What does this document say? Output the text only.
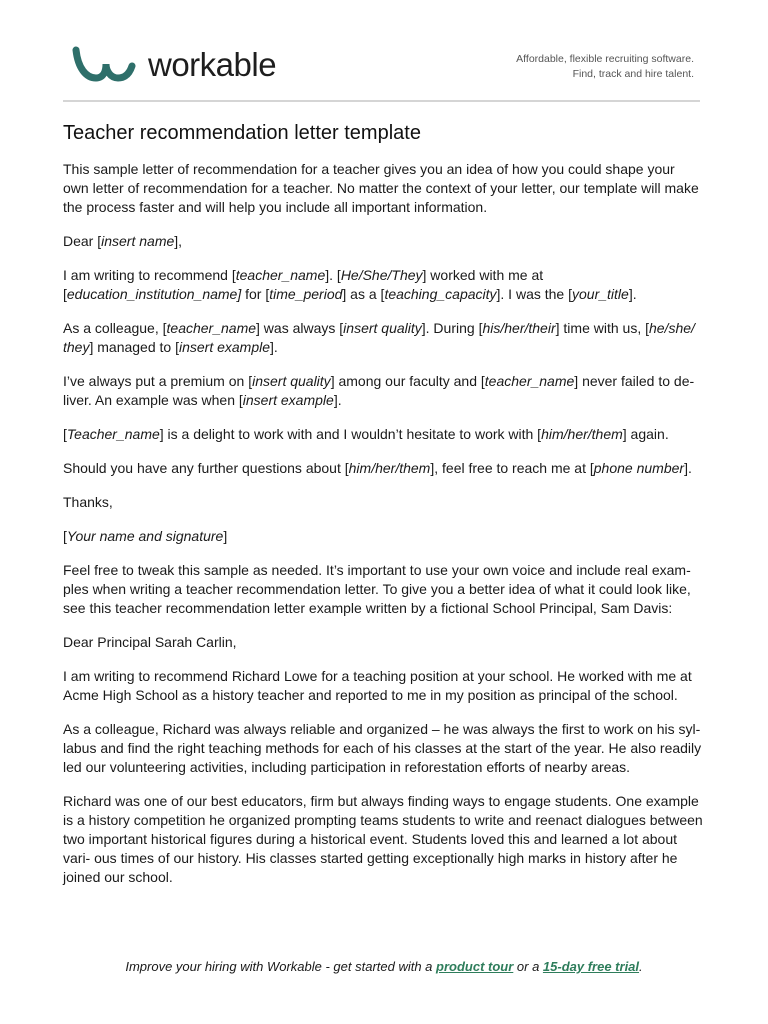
workable	Affordable, flexible recruiting software.
Find, track and hire talent.
Teacher recommendation letter template

This sample letter of recommendation for a teacher gives you an idea of how you could shape your own letter of recommendation for a teacher. No matter the context of your letter, our template will make the process faster and will help you include all important information.

Dear [insert name],

I am writing to recommend [teacher_name]. [He/She/They] worked with me at [education_institution_name] for [time_period] as a [teaching_capacity]. I was the [your_title].

As a colleague, [teacher_name] was always [insert quality]. During [his/her/their] time with us, [he/she/ they] managed to [insert example].

I’ve always put a premium on [insert quality] among our faculty and [teacher_name] never failed to de- liver. An example was when [insert example].

[Teacher_name] is a delight to work with and I wouldn’t hesitate to work with [him/her/them] again.

Should you have any further questions about [him/her/them], feel free to reach me at [phone number].

Thanks,

[Your name and signature]

Feel free to tweak this sample as needed. It’s important to use your own voice and include real exam- ples when writing a teacher recommendation letter. To give you a better idea of what it could look like, see this teacher recommendation letter example written by a fictional School Principal, Sam Davis:

Dear Principal Sarah Carlin,

I am writing to recommend Richard Lowe for a teaching position at your school. He worked with me at Acme High School as a history teacher and reported to me in my position as principal of the school.

As a colleague, Richard was always reliable and organized – he was always the first to work on his syl- labus and find the right teaching methods for each of his classes at the start of the year. He also readily led our volunteering activities, including participation in reforestation efforts of nearby areas.

Richard was one of our best educators, firm but always finding ways to engage students. One example is a history competition he organized prompting teams students to write and reenact dialogues between two important historical figures during a historical event. Students loved this and learned a lot about vari- ous times of our history. His classes started getting exceptionally high marks in history after he joined our school.

Improve your hiring with Workable - get started with a product tour or a 15-day free trial.
